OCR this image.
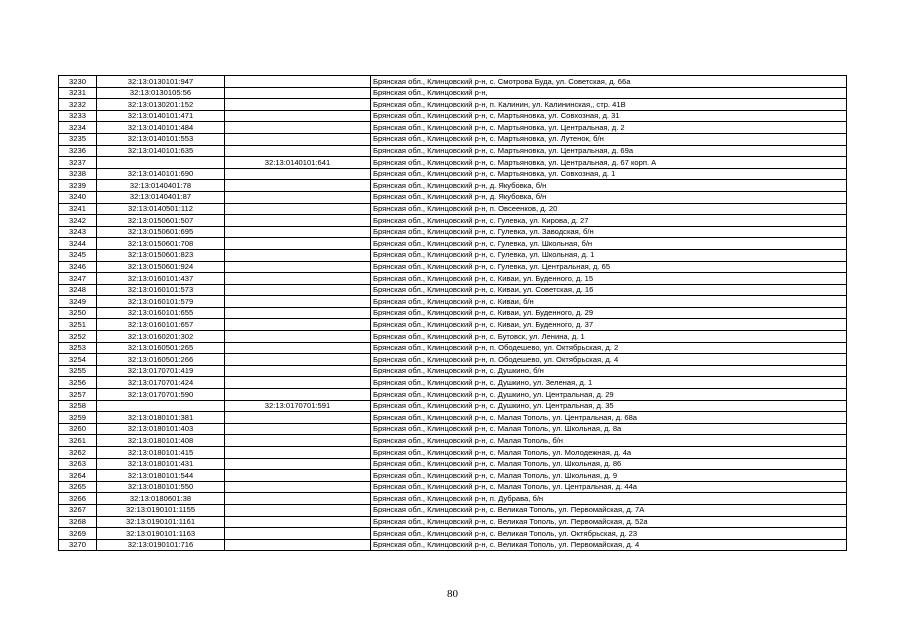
3230	32:13:0130101:947		Брянская обл., Клинцовский р-н, с. Смотрова Буда, ул. Советская, д. 66а
3231	32:13:0130105:56		Брянская обл., Клинцовский р-н,
3232	32:13:0130201:152		Брянская обл., Клинцовский р-н, п. Калинин, ул. Калининская,, стр. 41В
3233	32:13:0140101:471		Брянская обл., Клинцовский р-н, с. Мартьяновка, ул. Совхозная, д. 31
3234	32:13:0140101:484		Брянская обл., Клинцовский р-н, с. Мартьяновка, ул. Центральная, д. 2
3235	32:13:0140101:553		Брянская обл., Клинцовский р-н, с. Мартьяновка, ул. Лутенок, б/н
3236	32:13:0140101:635		Брянская обл., Клинцовский р-н, с. Мартьяновка, ул. Центральная, д. 69а
3237		32:13:0140101:641	Брянская обл., Клинцовский р-н, с. Мартьяновка, ул. Центральная, д. 67 корп. А
3238	32:13:0140101:690		Брянская обл., Клинцовский р-н, с. Мартьяновка, ул. Совхозная, д. 1
3239	32:13:0140401:78		Брянская обл., Клинцовский р-н, д. Якубовка, б/н
3240	32:13:0140401:87		Брянская обл., Клинцовский р-н, д. Якубовка, б/н
3241	32:13:0140501:112		Брянская обл., Клинцовский р-н, п. Овсеенков, д. 20
3242	32:13:0150601:507		Брянская обл., Клинцовский р-н, с. Гулевка, ул. Кирова, д. 27
3243	32:13:0150601:695		Брянская обл., Клинцовский р-н, с. Гулевка, ул. Заводская, б/н
3244	32:13:0150601:708		Брянская обл., Клинцовский р-н, с. Гулевка, ул. Школьная, б/н
3245	32:13:0150601:823		Брянская обл., Клинцовский р-н, с. Гулевка, ул. Школьная, д. 1
3246	32:13:0150601:924		Брянская обл., Клинцовский р-н, с. Гулевка, ул. Центральная, д. 65
3247	32:13:0160101:437		Брянская обл., Клинцовский р-н, с. Киваи, ул. Буденного, д. 15
3248	32:13:0160101:573		Брянская обл., Клинцовский р-н, с. Киваи, ул. Советская, д. 16
3249	32:13:0160101:579		Брянская обл., Клинцовский р-н, с. Киваи, б/н
3250	32:13:0160101:655		Брянская обл., Клинцовский р-н, с. Киваи, ул. Буденного, д. 29
3251	32:13:0160101:657		Брянская обл., Клинцовский р-н, с. Киваи, ул. Буденного, д. 37
3252	32:13:0160201:302		Брянская обл., Клинцовский р-н, с. Бутовск, ул. Ленина, д. 1
3253	32:13:0160501:265		Брянская обл., Клинцовский р-н, п. Ободешево, ул. Октябрьская, д. 2
3254	32:13:0160501:266		Брянская обл., Клинцовский р-н, п. Ободешево, ул. Октябрьская, д. 4
3255	32:13:0170701:419		Брянская обл., Клинцовский р-н, с. Душкино, б/н
3256	32:13:0170701:424		Брянская обл., Клинцовский р-н, с. Душкино, ул. Зеленая, д. 1
3257	32:13:0170701:590		Брянская обл., Клинцовский р-н, с. Душкино, ул. Центральная, д. 29
3258		32:13:0170701:591	Брянская обл., Клинцовский р-н, с. Душкино, ул. Центральная, д. 35
3259	32:13:0180101:381		Брянская обл., Клинцовский р-н, с. Малая Тополь, ул. Центральная, д. 68а
3260	32:13:0180101:403		Брянская обл., Клинцовский р-н, с. Малая Тополь, ул. Школьная, д. 8а
3261	32:13:0180101:408		Брянская обл., Клинцовский р-н, с. Малая Тополь, б/н
3262	32:13:0180101:415		Брянская обл., Клинцовский р-н, с. Малая Тополь, ул. Молодежная, д. 4а
3263	32:13:0180101:431		Брянская обл., Клинцовский р-н, с. Малая Тополь, ул. Школьная, д. 86
3264	32:13:0180101:544		Брянская обл., Клинцовский р-н, с. Малая Тополь, ул. Школьная, д. 9
3265	32:13:0180101:550		Брянская обл., Клинцовский р-н, с. Малая Тополь, ул. Центральная, д. 44а
3266	32:13:0180601:38		Брянская обл., Клинцовский р-н, п. Дубрава, б/н
3267	32:13:0190101:1155		Брянская обл., Клинцовский р-н, с. Великая Тополь, ул. Первомайская, д. 7А
3268	32:13:0190101:1161		Брянская обл., Клинцовский р-н, с. Великая Тополь, ул. Первомайская, д. 52а
3269	32:13:0190101:1163		Брянская обл., Клинцовский р-н, с. Великая Тополь, ул. Октябрьская, д. 23
3270	32:13:0190101:716		Брянская обл., Клинцовский р-н, с. Великая Тополь, ул. Первомайская, д. 4
80
